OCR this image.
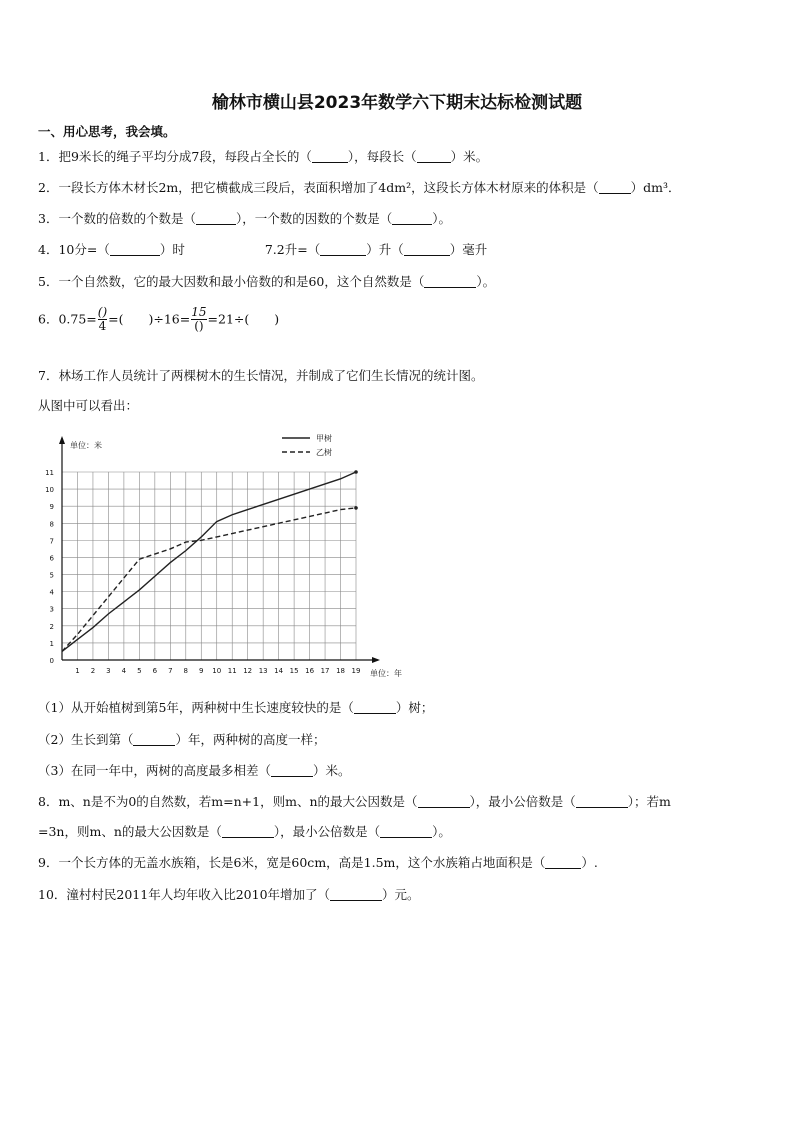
榆林市横山县2023年数学六下期末达标检测试题
一、用心思考，我会填。
1．把9米长的绳子平均分成7段，每段占全长的（	），每段长（	）米。
2．一段长方体木材长2m，把它横截成三段后，表面积增加了4dm²，这段长方体木材原来的体积是（	）dm³．
3．一个数的倍数的个数是（	），一个数的因数的个数是（	）。
4．10分=（	）时	7.2升=（	）升（	）毫升
5．一个自然数，它的最大因数和最小倍数的和是60，这个自然数是（	）。
6．$0.75= \frac{()}{4}$ =(　　)$\div 16= \frac{15}{()} =21\div$(　　)
7．林场工作人员统计了两棵树木的生长情况，并制成了它们生长情况的统计图。
从图中可以看出：
0
1
2
3
4
5
6
7
8
9
10
11
1 2 3 4 5 6 7 8 9 10 11 12 13 14 15 16 17 18 19
单位：米
单位：年
甲树
乙树
（1）从开始植树到第5年，两种树中生长速度较快的是（	）树；
（2）生长到第（	）年，两种树的高度一样；
（3）在同一年中，两树的高度最多相差（	）米。
8．m、n是不为0的自然数，若m=n+1，则m、n的最大公因数是（	），最小公倍数是（	）；若m
=3n，则m、n的最大公因数是（	），最小公倍数是（	）。
9．一个长方体的无盖水族箱，长是6米，宽是60cm，高是1.5m，这个水族箱占地面积是（	）.
10．潼村村民2011年人均年收入比2010年增加了（	）元。
